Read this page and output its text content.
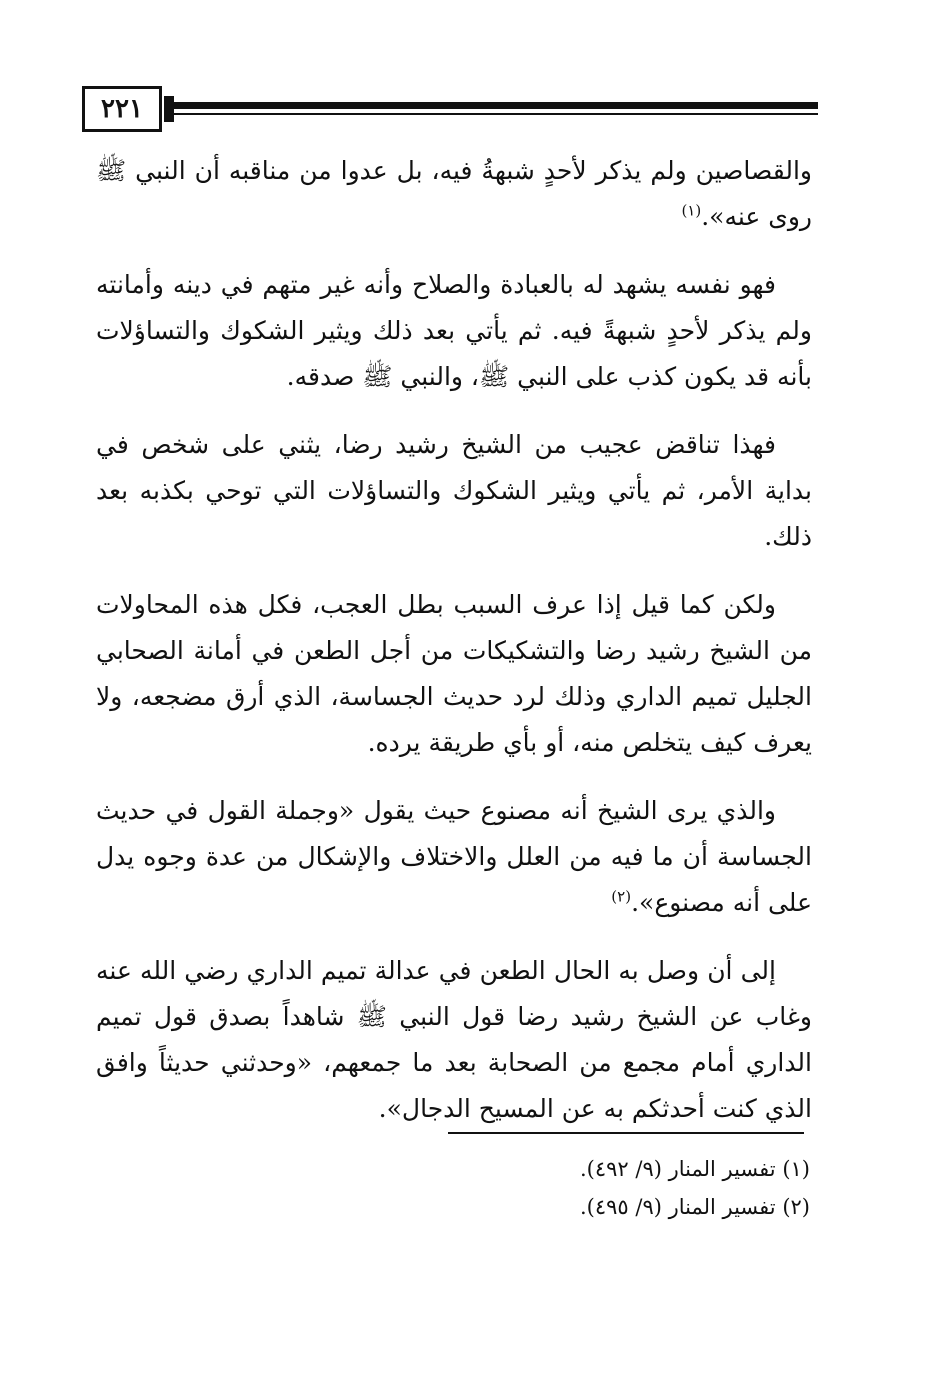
٢٢١

والقصاصين ولم يذكر لأحدٍ شبهةُ فيه، بل عدوا من مناقبه أن النبي ﷺ روى عنه».$^{(١)}$

فهو نفسه يشهد له بالعبادة والصلاح وأنه غير متهم في دينه وأمانته ولم يذكر لأحدٍ شبهةً فيه. ثم يأتي بعد ذلك ويثير الشكوك والتساؤلات بأنه قد يكون كذب على النبي ﷺ، والنبي ﷺ صدقه.

فهذا تناقض عجيب من الشيخ رشيد رضا، يثني على شخص في بداية الأمر، ثم يأتي ويثير الشكوك والتساؤلات التي توحي بكذبه بعد ذلك.

ولكن كما قيل إذا عرف السبب بطل العجب، فكل هذه المحاولات من الشيخ رشيد رضا والتشكيكات من أجل الطعن في أمانة الصحابي الجليل تميم الداري وذلك لرد حديث الجساسة، الذي أرق مضجعه، ولا يعرف كيف يتخلص منه، أو بأي طريقة يرده.

والذي يرى الشيخ أنه مصنوع حيث يقول «وجملة القول في حديث الجساسة أن ما فيه من العلل والاختلاف والإشكال من عدة وجوه يدل على أنه مصنوع».$^{(٢)}$

إلى أن وصل به الحال الطعن في عدالة تميم الداري رضي الله عنه وغاب عن الشيخ رشيد رضا قول النبي ﷺ شاهداً بصدق قول تميم الداري أمام مجمع من الصحابة بعد ما جمعهم، «وحدثني حديثاً وافق الذي كنت أحدثكم به عن المسيح الدجال».

(١) تفسير المنار (٩/ ٤٩٢).
(٢) تفسير المنار (٩/ ٤٩٥).
